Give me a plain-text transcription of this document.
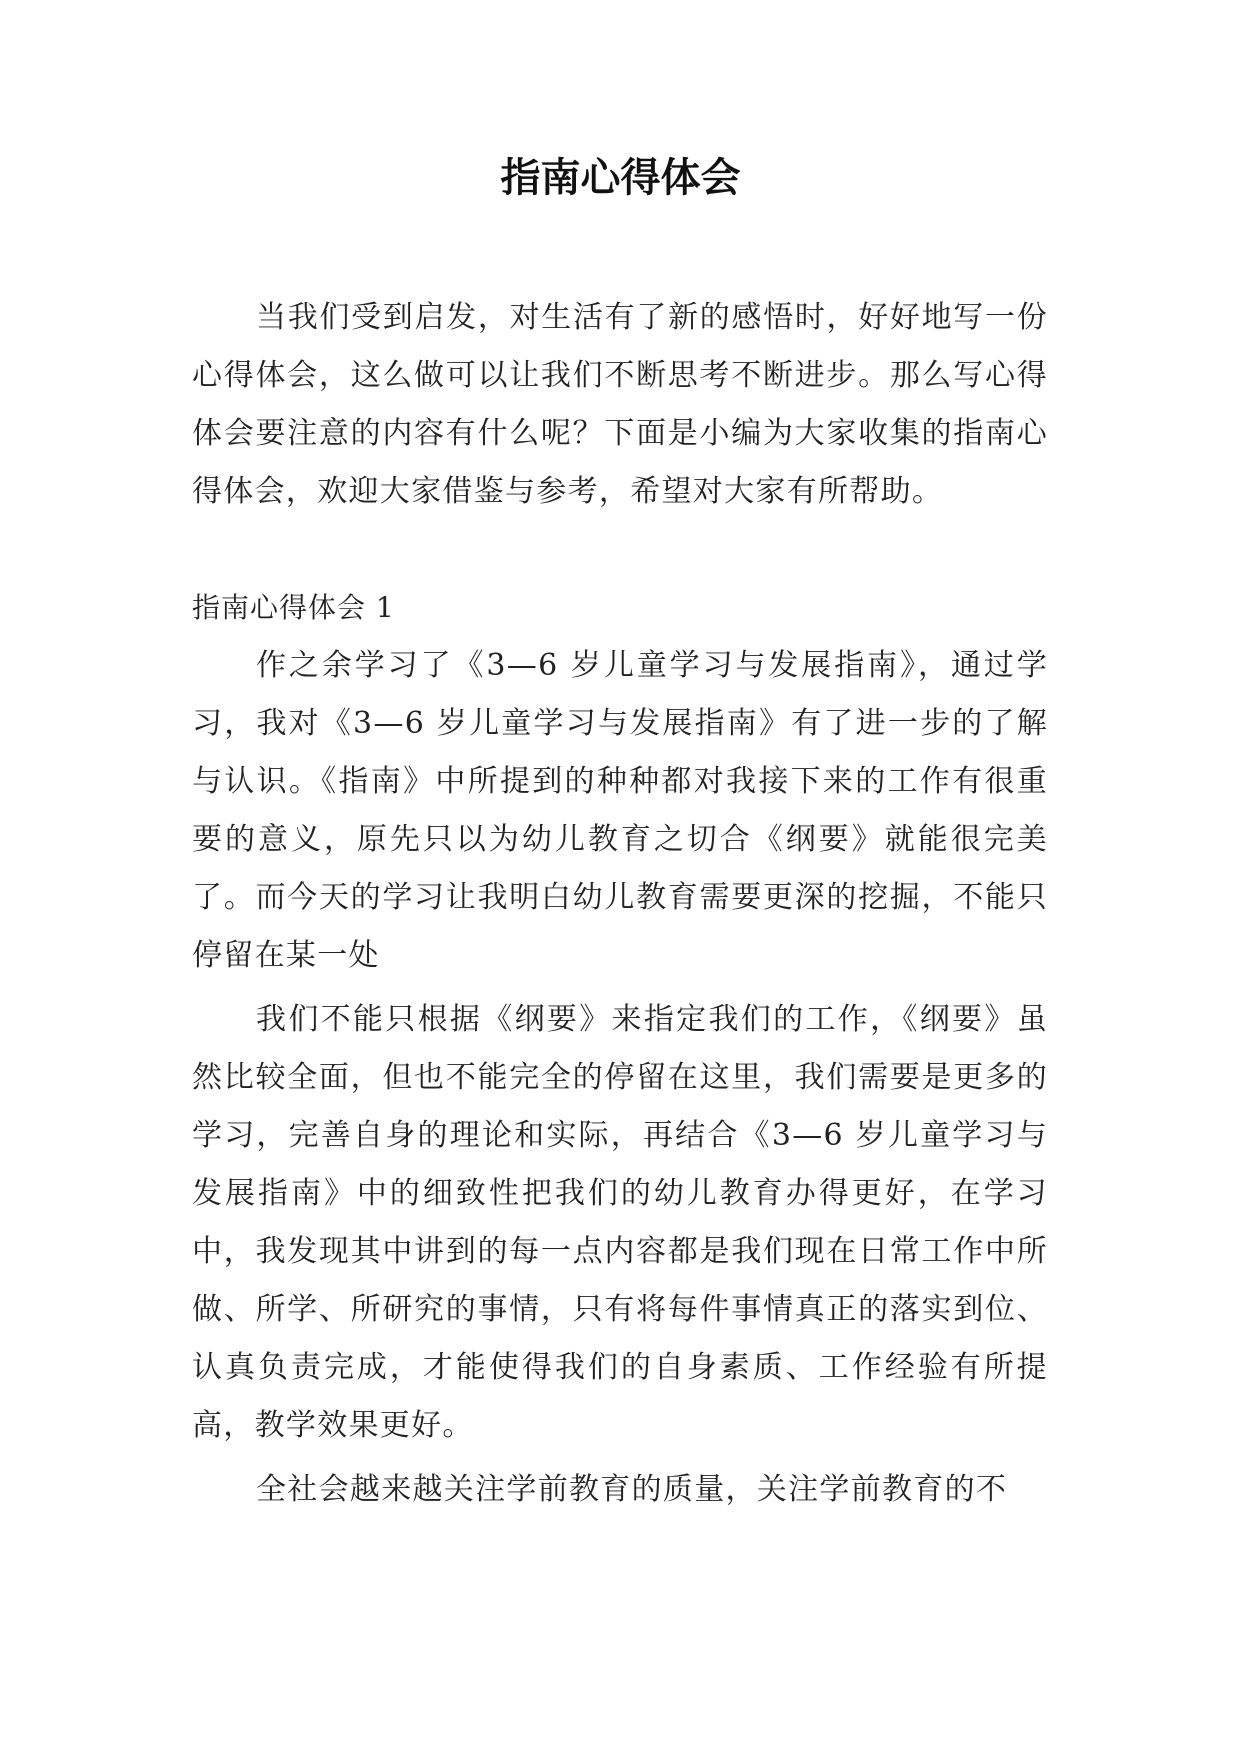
指南心得体会

当我们受到启发，对生活有了新的感悟时，好好地写一份心得体会，这么做可以让我们不断思考不断进步。那么写心得体会要注意的内容有什么呢？下面是小编为大家收集的指南心得体会，欢迎大家借鉴与参考，希望对大家有所帮助。

指南心得体会 1

作之余学习了《3—6 岁儿童学习与发展指南》，通过学习，我对《3—6 岁儿童学习与发展指南》有了进一步的了解与认识。《指南》中所提到的种种都对我接下来的工作有很重要的意义，原先只以为幼儿教育之切合《纲要》就能很完美了。而今天的学习让我明白幼儿教育需要更深的挖掘，不能只停留在某一处

我们不能只根据《纲要》来指定我们的工作，《纲要》虽然比较全面，但也不能完全的停留在这里，我们需要是更多的学习，完善自身的理论和实际，再结合《3—6 岁儿童学习与发展指南》中的细致性把我们的幼儿教育办得更好，在学习中，我发现其中讲到的每一点内容都是我们现在日常工作中所做、所学、所研究的事情，只有将每件事情真正的落实到位、认真负责完成，才能使得我们的自身素质、工作经验有所提高，教学效果更好。

全社会越来越关注学前教育的质量，关注学前教育的不
